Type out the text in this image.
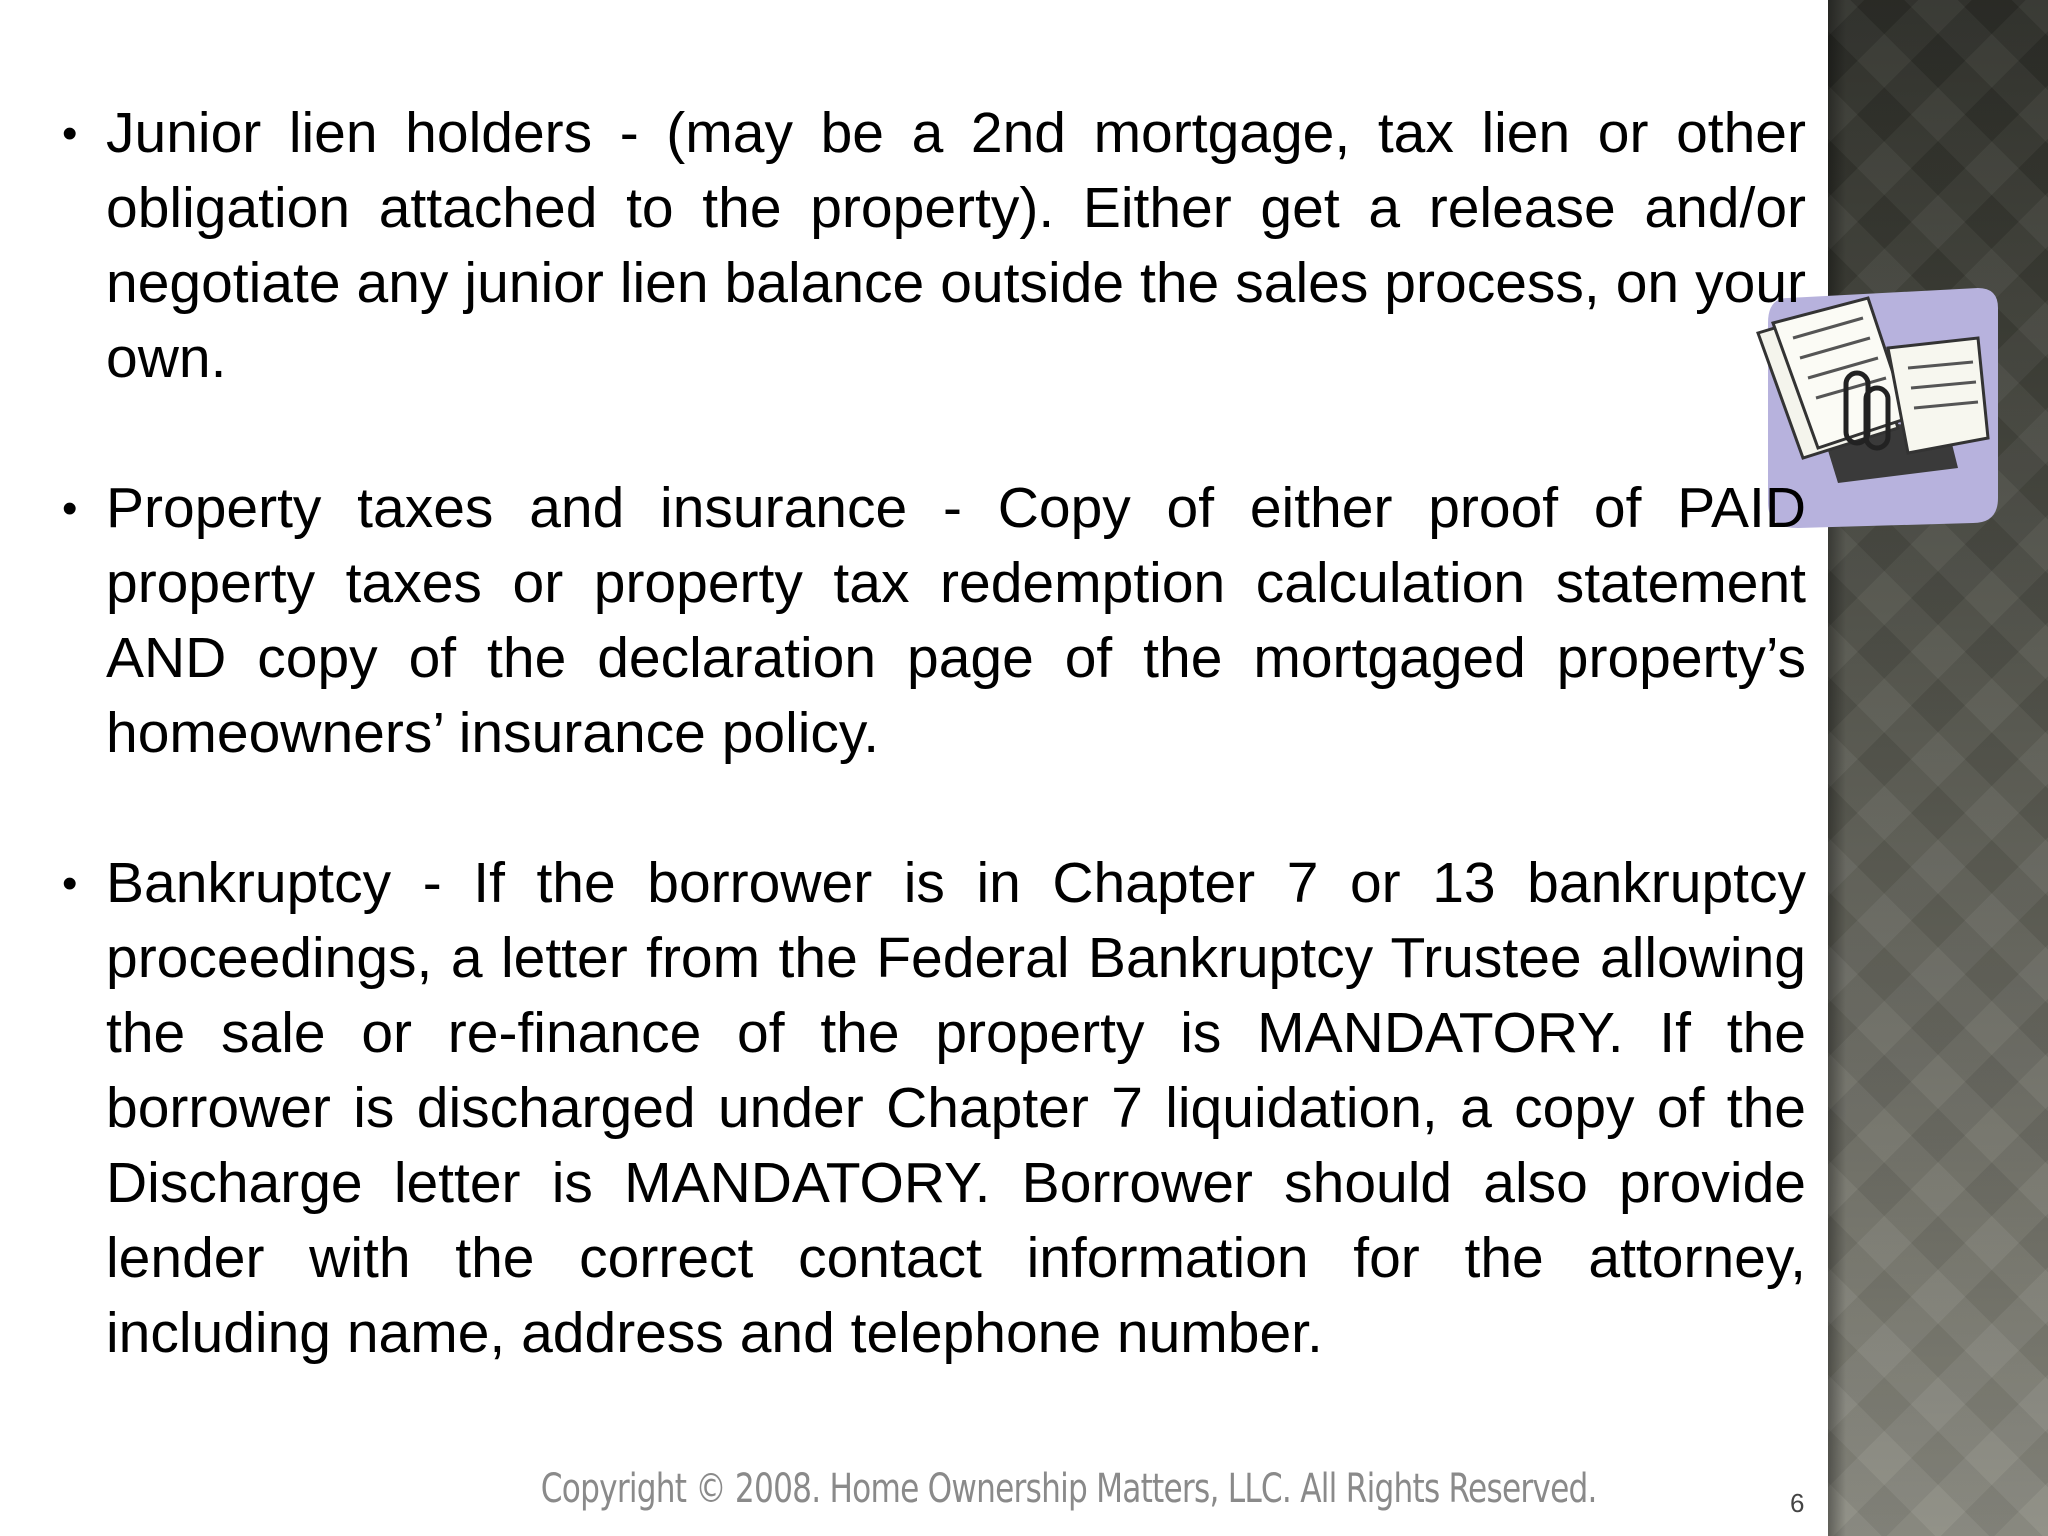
• Junior lien holders - (may be a 2nd mortgage, tax lien or other obligation attached to the property). Either get a release and/or negotiate any junior lien balance outside the sales process, on your own.
• Property taxes and insurance - Copy of either proof of PAID property taxes or property tax redemption calculation statement AND copy of the declaration page of the mortgaged property’s homeowners’ insurance policy.
• Bankruptcy - If the borrower is in Chapter 7 or 13 bankruptcy proceedings, a letter from the Federal Bankruptcy Trustee allowing the sale or re-finance of the property is MANDATORY. If the borrower is discharged under Chapter 7 liquidation, a copy of the Discharge letter is MANDATORY. Borrower should also provide lender with the correct contact information for the attorney, including name, address and telephone number.
Copyright © 2008. Home Ownership Matters, LLC. All Rights Reserved.	6
